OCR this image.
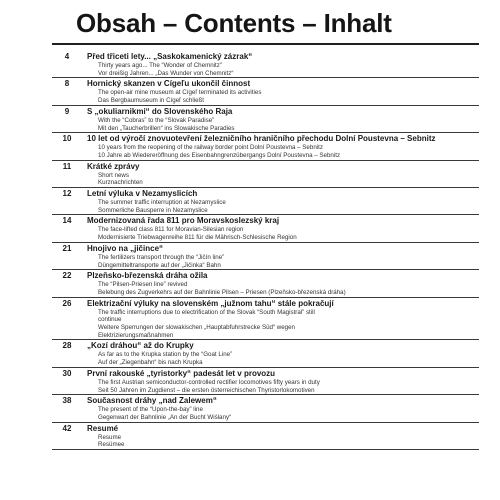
Obsah – Contents – Inhalt
4	Před třiceti lety... „Saskokamenický zázrak“
Thirty years ago... The “Wonder of Chemnitz”
Vor dreißig Jahren... „Das Wunder von Chemnitz“
8	Hornický skanzen v Cígeľu ukončil činnost
The open-air mine museum at Cígeľ terminated its activities
Das Bergbaumuseum in Cígeľ schließt
9	S „okuliarnikmi“ do Slovenského Raja
With the “Cobras” to the “Slovak Paradise”
Mit den „Taucherbrillen“ ins Slowakische Paradies
10	10 let od výročí znovuotevření železničního hraničního přechodu Dolní Poustevna – Sebnitz
10 years from the reopening of the railway border point Dolní Poustevna – Sebnitz
10 Jahre ab Wiedereröffnung des Eisenbahngrenzübergangs Dolní Poustevna – Sebnitz
11	Krátké zprávy
Short news
Kurznachrichten
12	Letní výluka v Nezamyslicích
The summer traffic interruption at Nezamyslice
Sommerliche Bausperre in Nezamyslice
14	Modernizovaná řada 811 pro Moravskoslezský kraj
The face-lifted class 811 for Moravian-Silesian region
Modernisierte Triebwagenreihe 811 für die Mährisch-Schlesische Region
21	Hnojivo na „jičince“
The fertilizers transport through the “Jičín line”
Düngemitteltransporte auf der „Jičinka“ Bahn
22	Plzeňsko-březenská dráha ožila
The “Pilsen-Priesen line” revived
Belebung des Zugverkehrs auf der Bahnlinie Pilsen – Priesen (Plzeňsko-březenská dráha)
26	Elektrizační výluky na slovenském „južnom tahu“ stále pokračují
The traffic interruptions due to electrification of the Slovak “South Magistral” still
continue
Weitere Sperrungen der slowakischen „Hauptabfuhrstrecke Süd“ wegen
Elektrizierungsmaßnahmen
28	„Kozí dráhou“ až do Krupky
As far as to the Krupka station by the “Goat Line”
Auf der „Ziegenbahn“ bis nach Krupka
30	První rakouské „tyristorky“ padesát let v provozu
The first Austrian semiconductor-controlled rectifier locomotives fifty years in duty
Seit 50 Jahren im Zugdienst – die ersten österreichischen Thyristorlokomotiven
38	Současnost dráhy „nad Zalewem“
The present of the “Upon-the-bay” line
Gegenwart der Bahnlinie „An der Bucht Wiślany“
42	Resumé
Resume
Resümee
